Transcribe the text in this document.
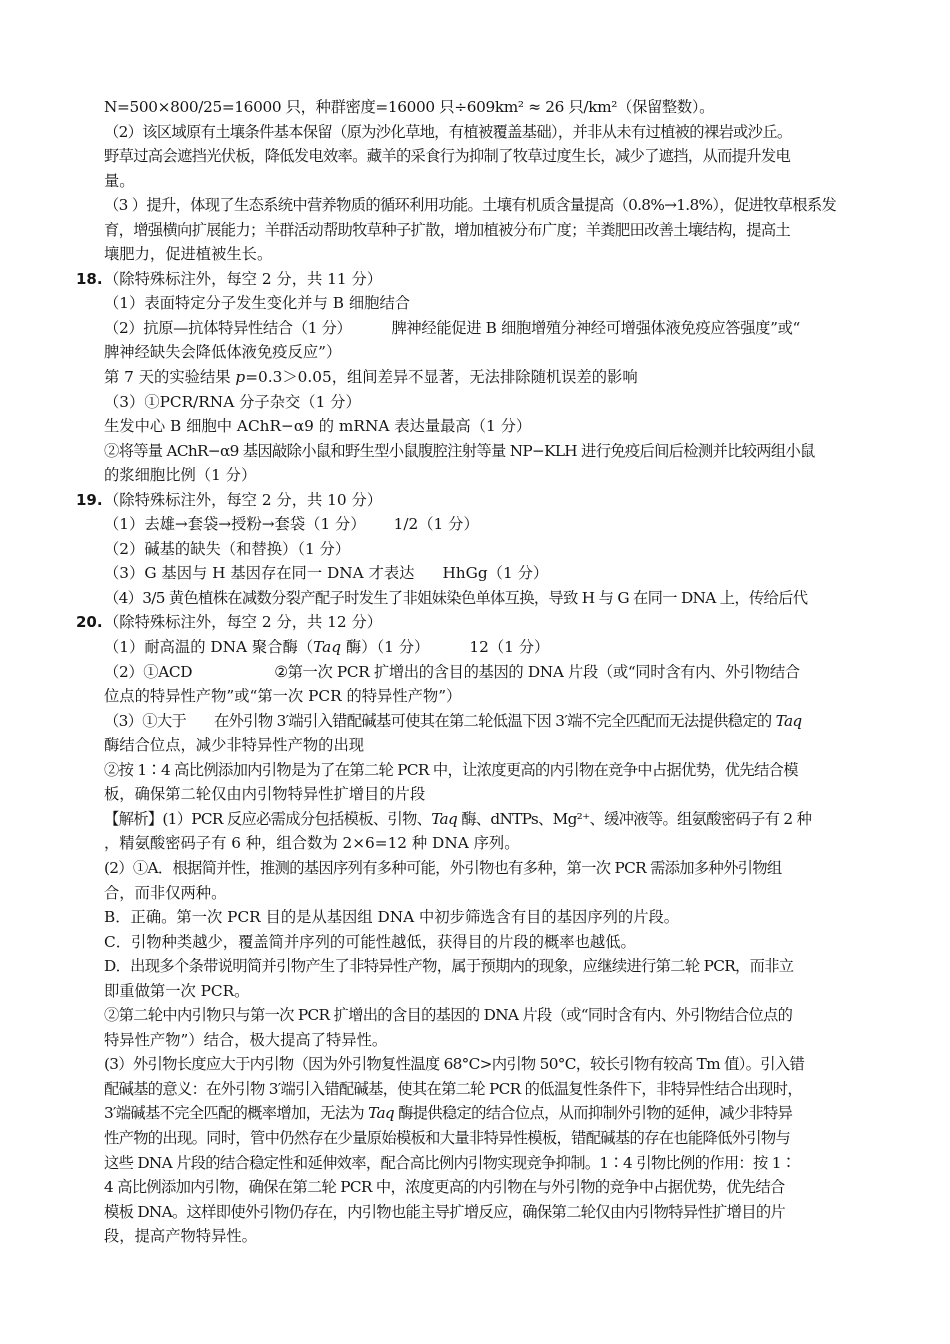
N=500×800/25=16000 只，种群密度=16000 只÷609km² ≈ 26 只/km²（保留整数）。
（2）该区域原有土壤条件基本保留（原为沙化草地，有植被覆盖基础），并非从未有过植被的裸岩或沙丘。
野草过高会遮挡光伏板，降低发电效率。藏羊的采食行为抑制了牧草过度生长，减少了遮挡，从而提升发电
量。
（3 ）提升，体现了生态系统中营养物质的循环利用功能。土壤有机质含量提高（0.8%→1.8%），促进牧草根系发
育，增强横向扩展能力；羊群活动帮助牧草种子扩散，增加植被分布广度；羊粪肥田改善土壤结构，提高土
壤肥力，促进植被生长。
18. （除特殊标注外，每空 2 分，共 11 分）
（1）表面特定分子发生变化并与 B 细胞结合
（2）抗原—抗体特异性结合（1 分）	脾神经能促进 B 细胞增殖分神经可增强体液免疫应答强度”或“
脾神经缺失会降低体液免疫反应”）
第 7 天的实验结果 p=0.3＞0.05，组间差异不显著，无法排除随机误差的影响
（3）①PCR/RNA 分子杂交（1 分）
生发中心 B 细胞中 AChR−α9 的 mRNA 表达量最高（1 分）
②将等量 AChR−α9 基因敲除小鼠和野生型小鼠腹腔注射等量 NP−KLH 进行免疫后间后检测并比较两组小鼠
的浆细胞比例（1 分）
19. （除特殊标注外，每空 2 分，共 10 分）
（1）去雄→套袋→授粉→套袋（1 分） 1/2（1 分）
（2）碱基的缺失（和替换）（1 分）
（3）G 基因与 H 基因存在同一 DNA 才表达 HhGg（1 分）
（4）3/5 黄色植株在减数分裂产配子时发生了非姐妹染色单体互换，导致 H 与 G 在同一 DNA 上，传给后代
20. （除特殊标注外，每空 2 分，共 12 分）
（1）耐高温的 DNA 聚合酶（Taq 酶）（1 分）	12（1 分）
（2）①ACD	②第一次 PCR 扩增出的含目的基因的 DNA 片段（或“同时含有内、外引物结合
位点的特异性产物”或“第一次 PCR 的特异性产物”）
（3）①大于 在外引物 3′端引入错配碱基可使其在第二轮低温下因 3′端不完全匹配而无法提供稳定的 Taq
酶结合位点，减少非特异性产物的出现
②按 1∶4 高比例添加内引物是为了在第二轮 PCR 中，让浓度更高的内引物在竞争中占据优势，优先结合模
板，确保第二轮仅由内引物特异性扩增目的片段
【解析】(1）PCR 反应必需成分包括模板、引物、Taq 酶、dNTPs、Mg²⁺、缓冲液等。组氨酸密码子有 2 种
，精氨酸密码子有 6 种，组合数为 2×6=12 种 DNA 序列。
(2）①A．根据简并性，推测的基因序列有多种可能，外引物也有多种，第一次 PCR 需添加多种外引物组
合，而非仅两种。
B．正确。第一次 PCR 目的是从基因组 DNA 中初步筛选含有目的基因序列的片段。
C．引物种类越少，覆盖简并序列的可能性越低，获得目的片段的概率也越低。
D．出现多个条带说明简并引物产生了非特异性产物，属于预期内的现象，应继续进行第二轮 PCR，而非立
即重做第一次 PCR。
②第二轮中内引物只与第一次 PCR 扩增出的含目的基因的 DNA 片段（或“同时含有内、外引物结合位点的
特异性产物”）结合，极大提高了特异性。
(3）外引物长度应大于内引物（因为外引物复性温度 68°C>内引物 50°C，较长引物有较高 Tm 值）。引入错
配碱基的意义：在外引物 3′端引入错配碱基，使其在第二轮 PCR 的低温复性条件下，非特异性结合出现时，
3′端碱基不完全匹配的概率增加，无法为 Taq 酶提供稳定的结合位点，从而抑制外引物的延伸，减少非特异
性产物的出现。同时，管中仍然存在少量原始模板和大量非特异性模板，错配碱基的存在也能降低外引物与
这些 DNA 片段的结合稳定性和延伸效率，配合高比例内引物实现竞争抑制。1∶4 引物比例的作用：按 1∶
4 高比例添加内引物，确保在第二轮 PCR 中，浓度更高的内引物在与外引物的竞争中占据优势，优先结合
模板 DNA。这样即使外引物仍存在，内引物也能主导扩增反应，确保第二轮仅由内引物特异性扩增目的片
段，提高产物特异性。
